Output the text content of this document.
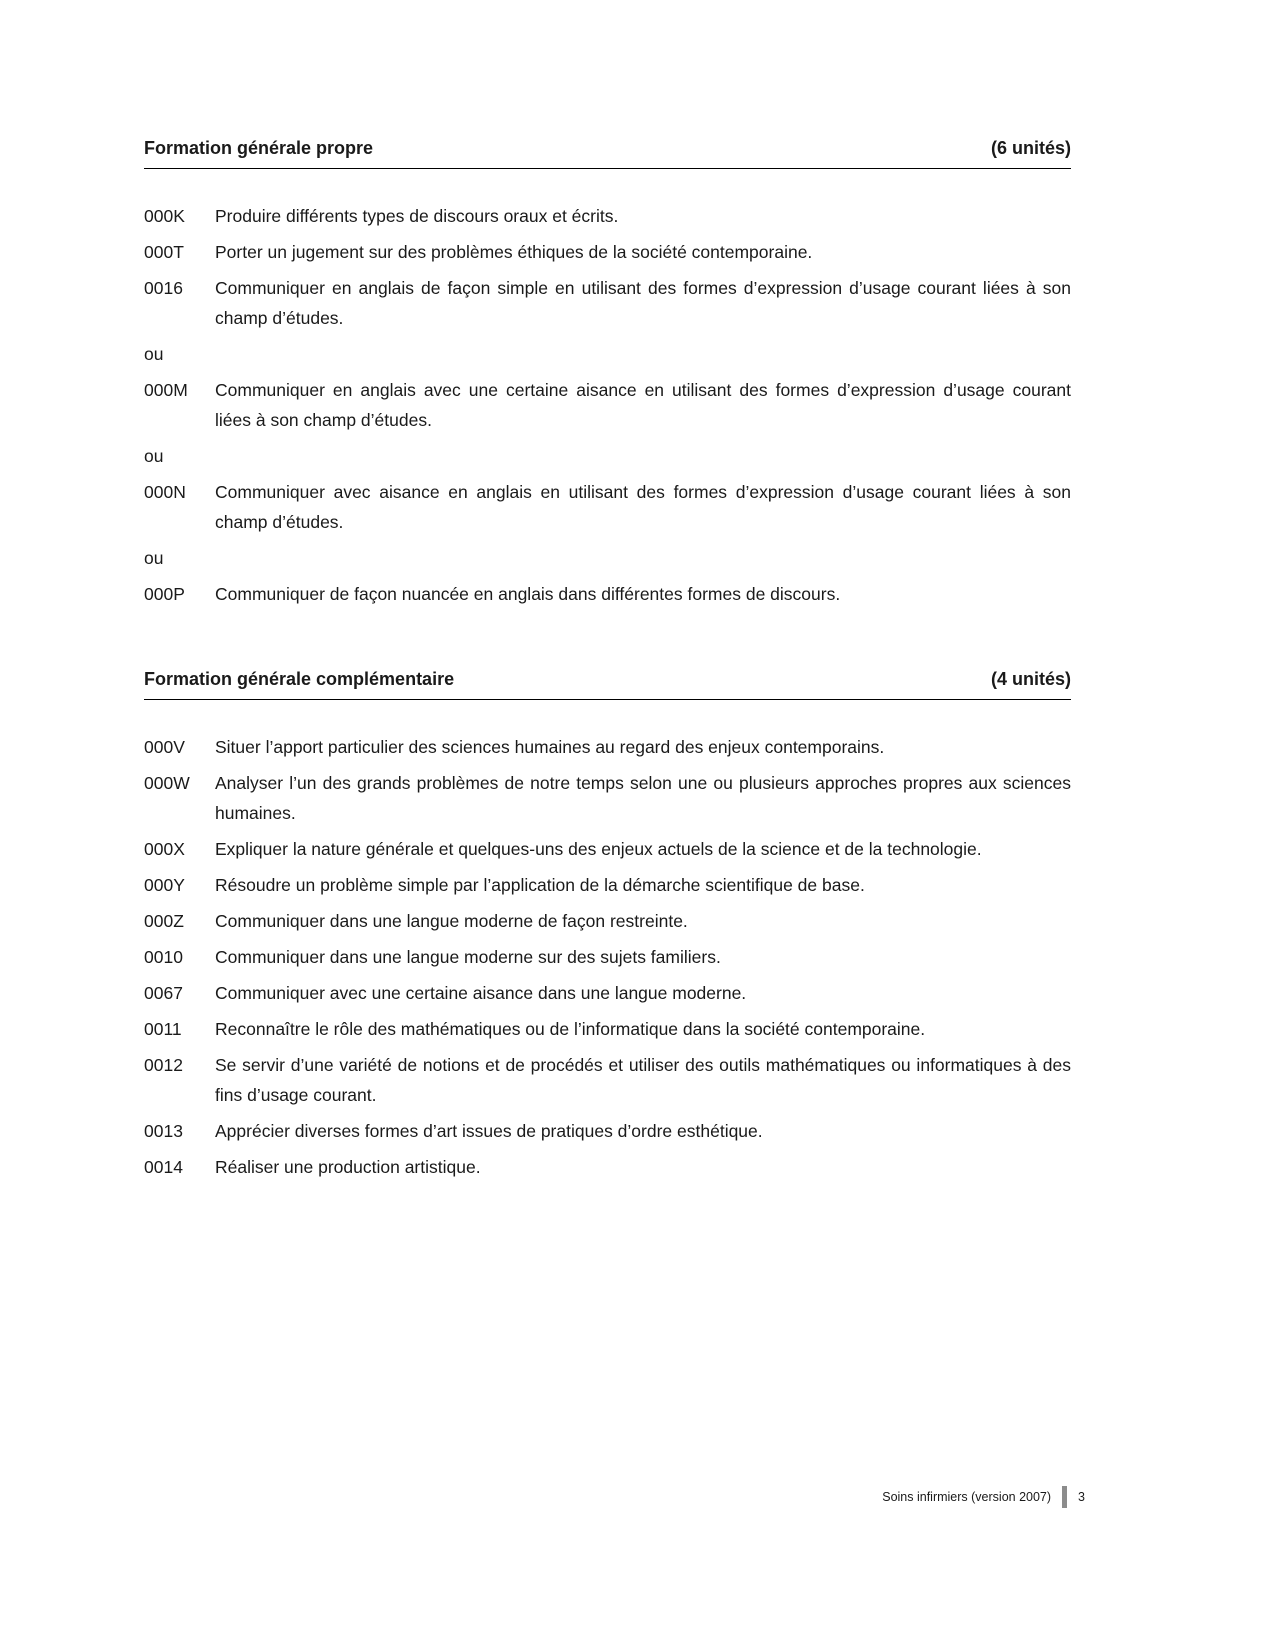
Formation générale propre	(6 unités)
000K	Produire différents types de discours oraux et écrits.
000T	Porter un jugement sur des problèmes éthiques de la société contemporaine.
0016	Communiquer en anglais de façon simple en utilisant des formes d’expression d’usage courant liées à son champ d’études.
ou
000M	Communiquer en anglais avec une certaine aisance en utilisant des formes d’expression d’usage courant liées à son champ d’études.
ou
000N	Communiquer avec aisance en anglais en utilisant des formes d’expression d’usage courant liées à son champ d’études.
ou
000P	Communiquer de façon nuancée en anglais dans différentes formes de discours.
Formation générale complémentaire	(4 unités)
000V	Situer l’apport particulier des sciences humaines au regard des enjeux contemporains.
000W	Analyser l’un des grands problèmes de notre temps selon une ou plusieurs approches propres aux sciences humaines.
000X	Expliquer la nature générale et quelques-uns des enjeux actuels de la science et de la technologie.
000Y	Résoudre un problème simple par l’application de la démarche scientifique de base.
000Z	Communiquer dans une langue moderne de façon restreinte.
0010	Communiquer dans une langue moderne sur des sujets familiers.
0067	Communiquer avec une certaine aisance dans une langue moderne.
0011	Reconnaître le rôle des mathématiques ou de l’informatique dans la société contemporaine.
0012	Se servir d’une variété de notions et de procédés et utiliser des outils mathématiques ou informatiques à des fins d’usage courant.
0013	Apprécier diverses formes d’art issues de pratiques d’ordre esthétique.
0014	Réaliser une production artistique.
Soins infirmiers (version 2007) 3
